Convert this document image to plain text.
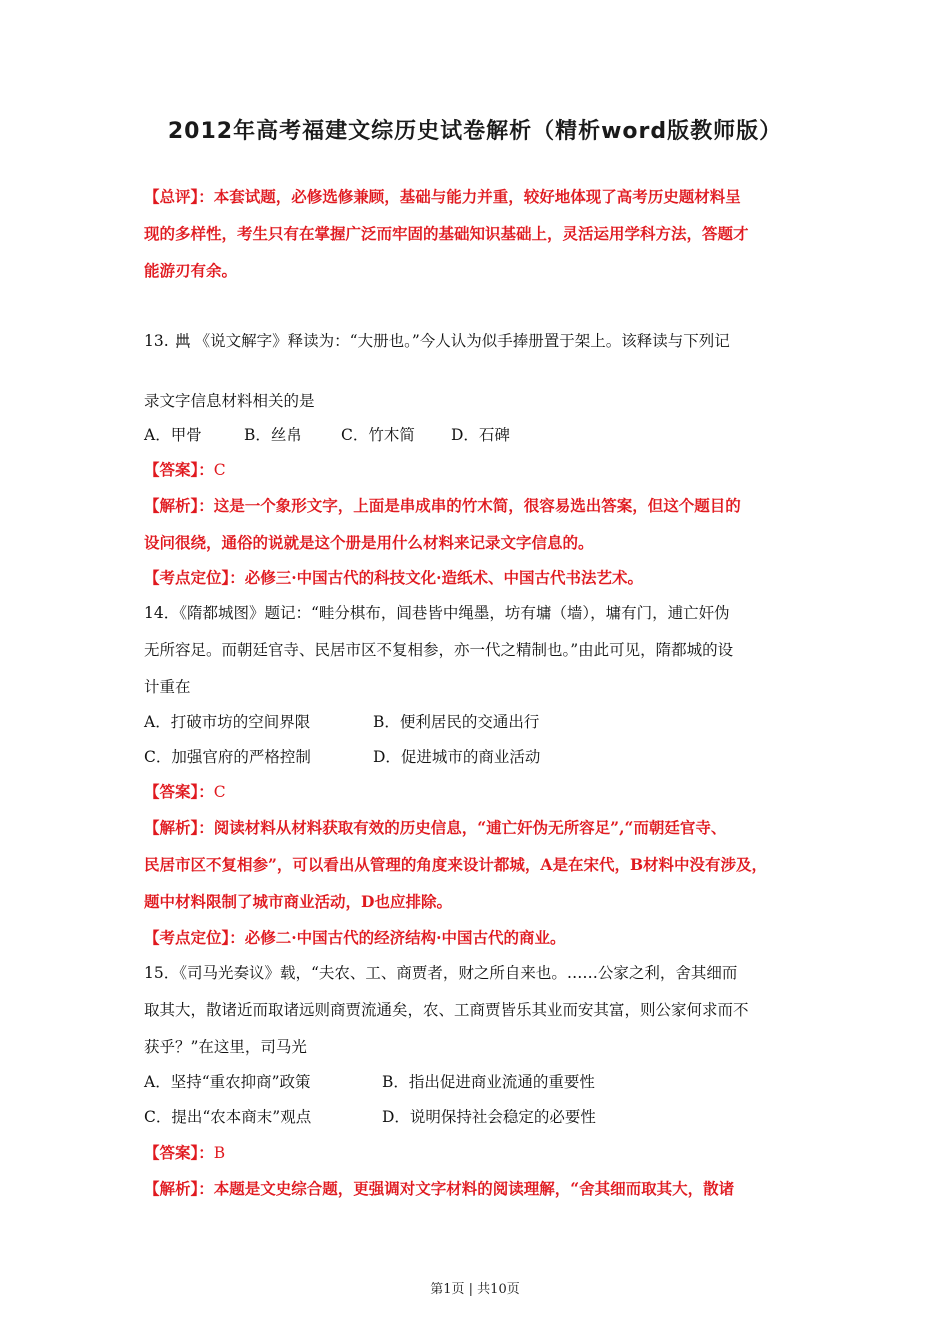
2012年高考福建文综历史试卷解析（精析word版教师版）
【总评】：本套试题，必修选修兼顾，基础与能力并重，较好地体现了高考历史题材料呈
现的多样性，考生只有在掌握广泛而牢固的基础知识基础上，灵活运用学科方法，答题才
能游刃有余。
13. 《说文解字》释读为：“大册也。”今人认为似手捧册置于架上。该释读与下列记
录文字信息材料相关的是
A．甲骨	B．丝帛	C．竹木简 D．石碑
【答案】：C
【解析】：这是一个象形文字，上面是串成串的竹木简，很容易选出答案，但这个题目的
设问很绕，通俗的说就是这个册是用什么材料来记录文字信息的。
【考点定位】：必修三·中国古代的科技文化·造纸术、中国古代书法艺术。
14．《隋都城图》题记：“畦分棋布，闾巷皆中绳墨，坊有墉（墙），墉有门，逋亡奸伪
无所容足。而朝廷官寺、民居市区不复相参，亦一代之精制也。”由此可见，隋都城的设
计重在
A．打破市坊的空间界限	B．便利居民的交通出行
C．加强官府的严格控制	D．促进城市的商业活动
【答案】：C
【解析】：阅读材料从材料获取有效的历史信息，“逋亡奸伪无所容足”,“而朝廷官寺、
民居市区不复相参”，可以看出从管理的角度来设计都城，A是在宋代，B材料中没有涉及，
题中材料限制了城市商业活动，D也应排除。
【考点定位】：必修二·中国古代的经济结构·中国古代的商业。
15．《司马光奏议》载，“夫农、工、商贾者，财之所自来也。……公家之利，舍其细而
取其大，散诸近而取诸远则商贾流通矣，农、工商贾皆乐其业而安其富，则公家何求而不
获乎？”在这里，司马光
A．坚持“重农抑商”政策	B．指出促进商业流通的重要性
C．提出“农本商末”观点	D．说明保持社会稳定的必要性
【答案】：B
【解析】：本题是文史综合题，更强调对文字材料的阅读理解，“舍其细而取其大，散诸
第1页 | 共10页
